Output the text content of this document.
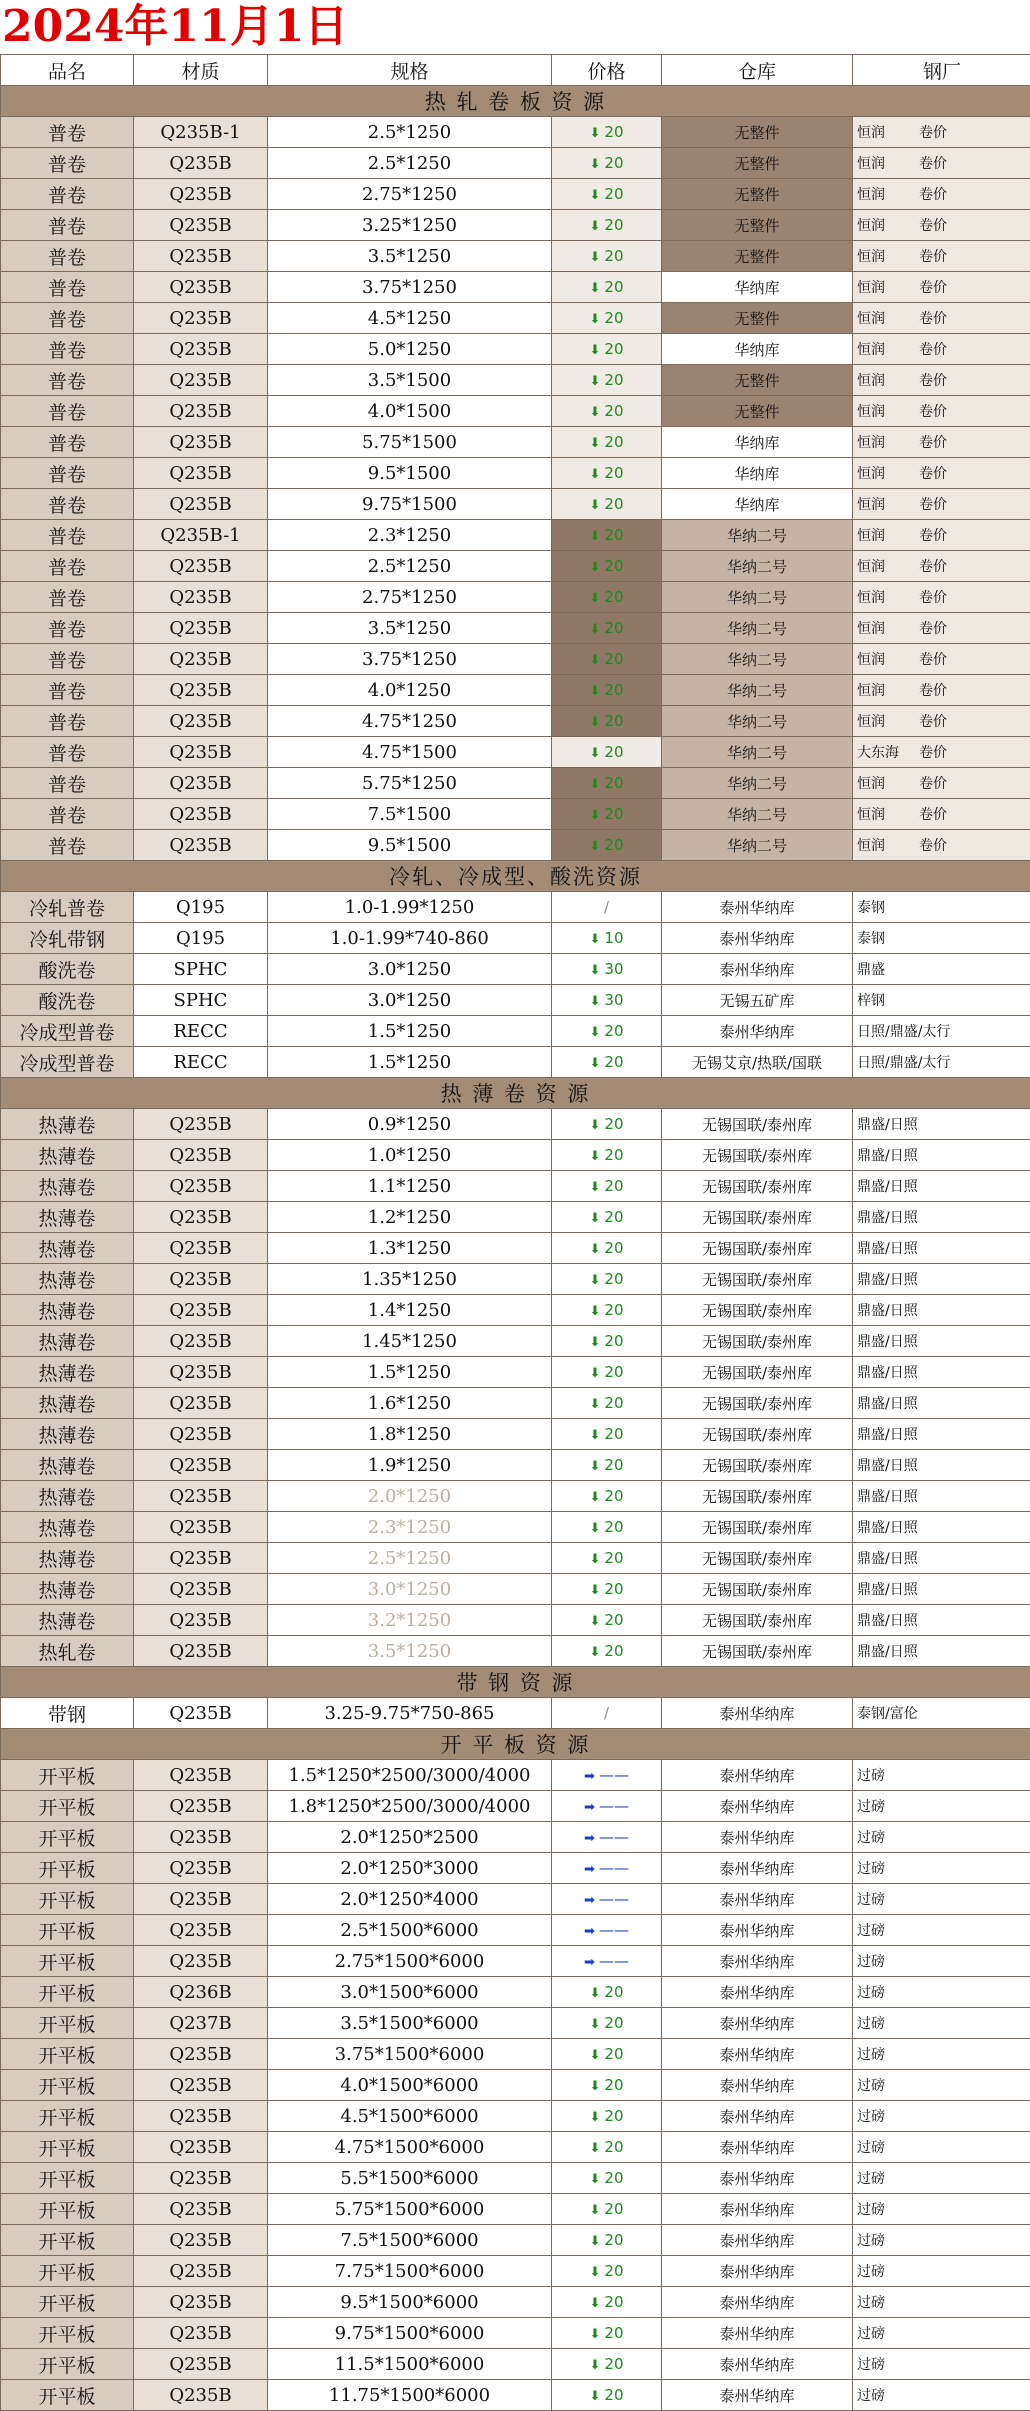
2024年11月1日
品名	材质	规格	价格	仓库	钢厂
热 轧 卷 板 资 源					
普卷	Q235B-1	2.5*1250	⬇ 20	无整件	恒润 卷价
普卷	Q235B	2.5*1250	⬇ 20	无整件	恒润 卷价
普卷	Q235B	2.75*1250	⬇ 20	无整件	恒润 卷价
普卷	Q235B	3.25*1250	⬇ 20	无整件	恒润 卷价
普卷	Q235B	3.5*1250	⬇ 20	无整件	恒润 卷价
普卷	Q235B	3.75*1250	⬇ 20	华纳库	恒润 卷价
普卷	Q235B	4.5*1250	⬇ 20	无整件	恒润 卷价
普卷	Q235B	5.0*1250	⬇ 20	华纳库	恒润 卷价
普卷	Q235B	3.5*1500	⬇ 20	无整件	恒润 卷价
普卷	Q235B	4.0*1500	⬇ 20	无整件	恒润 卷价
普卷	Q235B	5.75*1500	⬇ 20	华纳库	恒润 卷价
普卷	Q235B	9.5*1500	⬇ 20	华纳库	恒润 卷价
普卷	Q235B	9.75*1500	⬇ 20	华纳库	恒润 卷价
普卷	Q235B-1	2.3*1250	⬇ 20	华纳二号	恒润 卷价
普卷	Q235B	2.5*1250	⬇ 20	华纳二号	恒润 卷价
普卷	Q235B	2.75*1250	⬇ 20	华纳二号	恒润 卷价
普卷	Q235B	3.5*1250	⬇ 20	华纳二号	恒润 卷价
普卷	Q235B	3.75*1250	⬇ 20	华纳二号	恒润 卷价
普卷	Q235B	4.0*1250	⬇ 20	华纳二号	恒润 卷价
普卷	Q235B	4.75*1250	⬇ 20	华纳二号	恒润 卷价
普卷	Q235B	4.75*1500	⬇ 20	华纳二号	大东海 卷价
普卷	Q235B	5.75*1250	⬇ 20	华纳二号	恒润 卷价
普卷	Q235B	7.5*1500	⬇ 20	华纳二号	恒润 卷价
普卷	Q235B	9.5*1500	⬇ 20	华纳二号	恒润 卷价
冷轧、冷成型、酸洗资源					
冷轧普卷	Q195	1.0-1.99*1250	/	泰州华纳库	泰钢
冷轧带钢	Q195	1.0-1.99*740-860	⬇ 10	泰州华纳库	泰钢
酸洗卷	SPHC	3.0*1250	⬇ 30	泰州华纳库	鼎盛
酸洗卷	SPHC	3.0*1250	⬇ 30	无锡五矿库	梓钢
冷成型普卷	RECC	1.5*1250	⬇ 20	泰州华纳库	日照/鼎盛/太行
冷成型普卷	RECC	1.5*1250	⬇ 20	无锡艾京/热联/国联	日照/鼎盛/太行
热 薄 卷 资 源					
热薄卷	Q235B	0.9*1250	⬇ 20	无锡国联/泰州库	鼎盛/日照
热薄卷	Q235B	1.0*1250	⬇ 20	无锡国联/泰州库	鼎盛/日照
热薄卷	Q235B	1.1*1250	⬇ 20	无锡国联/泰州库	鼎盛/日照
热薄卷	Q235B	1.2*1250	⬇ 20	无锡国联/泰州库	鼎盛/日照
热薄卷	Q235B	1.3*1250	⬇ 20	无锡国联/泰州库	鼎盛/日照
热薄卷	Q235B	1.35*1250	⬇ 20	无锡国联/泰州库	鼎盛/日照
热薄卷	Q235B	1.4*1250	⬇ 20	无锡国联/泰州库	鼎盛/日照
热薄卷	Q235B	1.45*1250	⬇ 20	无锡国联/泰州库	鼎盛/日照
热薄卷	Q235B	1.5*1250	⬇ 20	无锡国联/泰州库	鼎盛/日照
热薄卷	Q235B	1.6*1250	⬇ 20	无锡国联/泰州库	鼎盛/日照
热薄卷	Q235B	1.8*1250	⬇ 20	无锡国联/泰州库	鼎盛/日照
热薄卷	Q235B	1.9*1250	⬇ 20	无锡国联/泰州库	鼎盛/日照
热薄卷	Q235B	2.0*1250	⬇ 20	无锡国联/泰州库	鼎盛/日照
热薄卷	Q235B	2.3*1250	⬇ 20	无锡国联/泰州库	鼎盛/日照
热薄卷	Q235B	2.5*1250	⬇ 20	无锡国联/泰州库	鼎盛/日照
热薄卷	Q235B	3.0*1250	⬇ 20	无锡国联/泰州库	鼎盛/日照
热薄卷	Q235B	3.2*1250	⬇ 20	无锡国联/泰州库	鼎盛/日照
热轧卷	Q235B	3.5*1250	⬇ 20	无锡国联/泰州库	鼎盛/日照
带 钢 资 源					
带钢	Q235B	3.25-9.75*750-865	/	泰州华纳库	泰钢/富伦
开 平 板 资 源					
开平板	Q235B	1.5*1250*2500/3000/4000	➡ ——	泰州华纳库	过磅
开平板	Q235B	1.8*1250*2500/3000/4000	➡ ——	泰州华纳库	过磅
开平板	Q235B	2.0*1250*2500	➡ ——	泰州华纳库	过磅
开平板	Q235B	2.0*1250*3000	➡ ——	泰州华纳库	过磅
开平板	Q235B	2.0*1250*4000	➡ ——	泰州华纳库	过磅
开平板	Q235B	2.5*1500*6000	➡ ——	泰州华纳库	过磅
开平板	Q235B	2.75*1500*6000	➡ ——	泰州华纳库	过磅
开平板	Q236B	3.0*1500*6000	⬇ 20	泰州华纳库	过磅
开平板	Q237B	3.5*1500*6000	⬇ 20	泰州华纳库	过磅
开平板	Q235B	3.75*1500*6000	⬇ 20	泰州华纳库	过磅
开平板	Q235B	4.0*1500*6000	⬇ 20	泰州华纳库	过磅
开平板	Q235B	4.5*1500*6000	⬇ 20	泰州华纳库	过磅
开平板	Q235B	4.75*1500*6000	⬇ 20	泰州华纳库	过磅
开平板	Q235B	5.5*1500*6000	⬇ 20	泰州华纳库	过磅
开平板	Q235B	5.75*1500*6000	⬇ 20	泰州华纳库	过磅
开平板	Q235B	7.5*1500*6000	⬇ 20	泰州华纳库	过磅
开平板	Q235B	7.75*1500*6000	⬇ 20	泰州华纳库	过磅
开平板	Q235B	9.5*1500*6000	⬇ 20	泰州华纳库	过磅
开平板	Q235B	9.75*1500*6000	⬇ 20	泰州华纳库	过磅
开平板	Q235B	11.5*1500*6000	⬇ 20	泰州华纳库	过磅
开平板	Q235B	11.75*1500*6000	⬇ 20	泰州华纳库	过磅
